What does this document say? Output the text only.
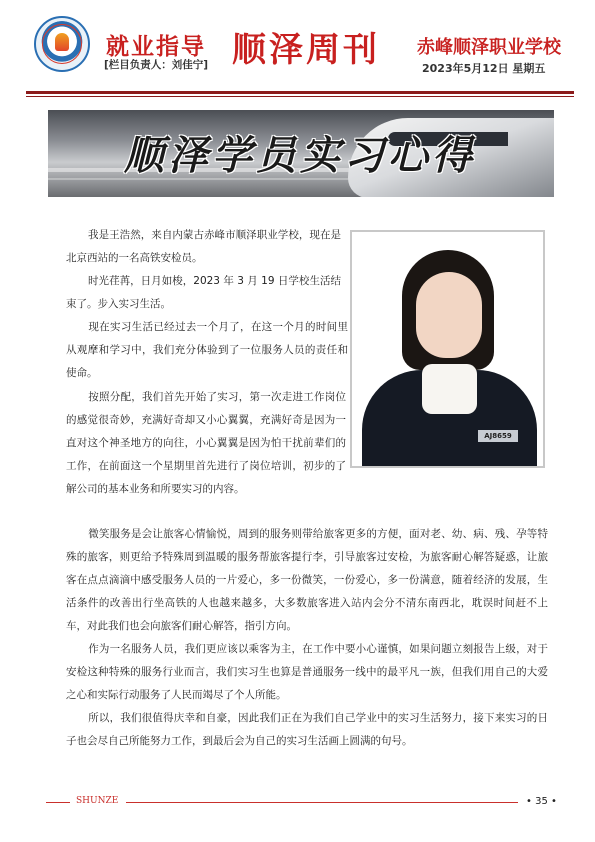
就业指导
[栏目负责人：刘佳宁] 顺泽周刊 赤峰顺泽职业学校
2023年5月12日 星期五
顺泽学员实习心得
AJ8659
我是王浩然，来自内蒙古赤峰市顺泽职业学校，现在是北京西站的一名高铁安检员。
时光荏苒，日月如梭，2023 年 3 月 19 日学校生活结束了。步入实习生活。
现在实习生活已经过去一个月了，在这一个月的时间里从观摩和学习中，我们充分体验到了一位服务人员的责任和使命。
按照分配，我们首先开始了实习，第一次走进工作岗位的感觉很奇妙，充满好奇却又小心翼翼，充满好奇是因为一直对这个神圣地方的向往，小心翼翼是因为怕干扰前辈们的工作，在前面这一个星期里首先进行了岗位培训，初步的了解公司的基本业务和所要实习的内容。
微笑服务是会让旅客心情愉悦，周到的服务则带给旅客更多的方便，面对老、幼、病、残、孕等特殊的旅客，则更给予特殊周到温暖的服务帮旅客提行李，引导旅客过安检，为旅客耐心解答疑惑，让旅客在点点滴滴中感受服务人员的一片爱心，多一份微笑，一份爱心，多一份满意，随着经济的发展，生活条件的改善出行坐高铁的人也越来越多，大多数旅客进入站内会分不清东南西北，耽误时间赶不上车，对此我们也会向旅客们耐心解答，指引方向。
作为一名服务人员，我们更应该以乘客为主，在工作中要小心谨慎，如果问题立刻报告上级，对于安检这种特殊的服务行业而言，我们实习生也算是普通服务一线中的最平凡一族，但我们用自己的大爱之心和实际行动服务了人民而竭尽了个人所能。
所以，我们很值得庆幸和自豪，因此我们正在为我们自己学业中的实习生活努力，接下来实习的日子也会尽自己所能努力工作，到最后会为自己的实习生活画上圆满的句号。
SHUNZE	• 35 •
